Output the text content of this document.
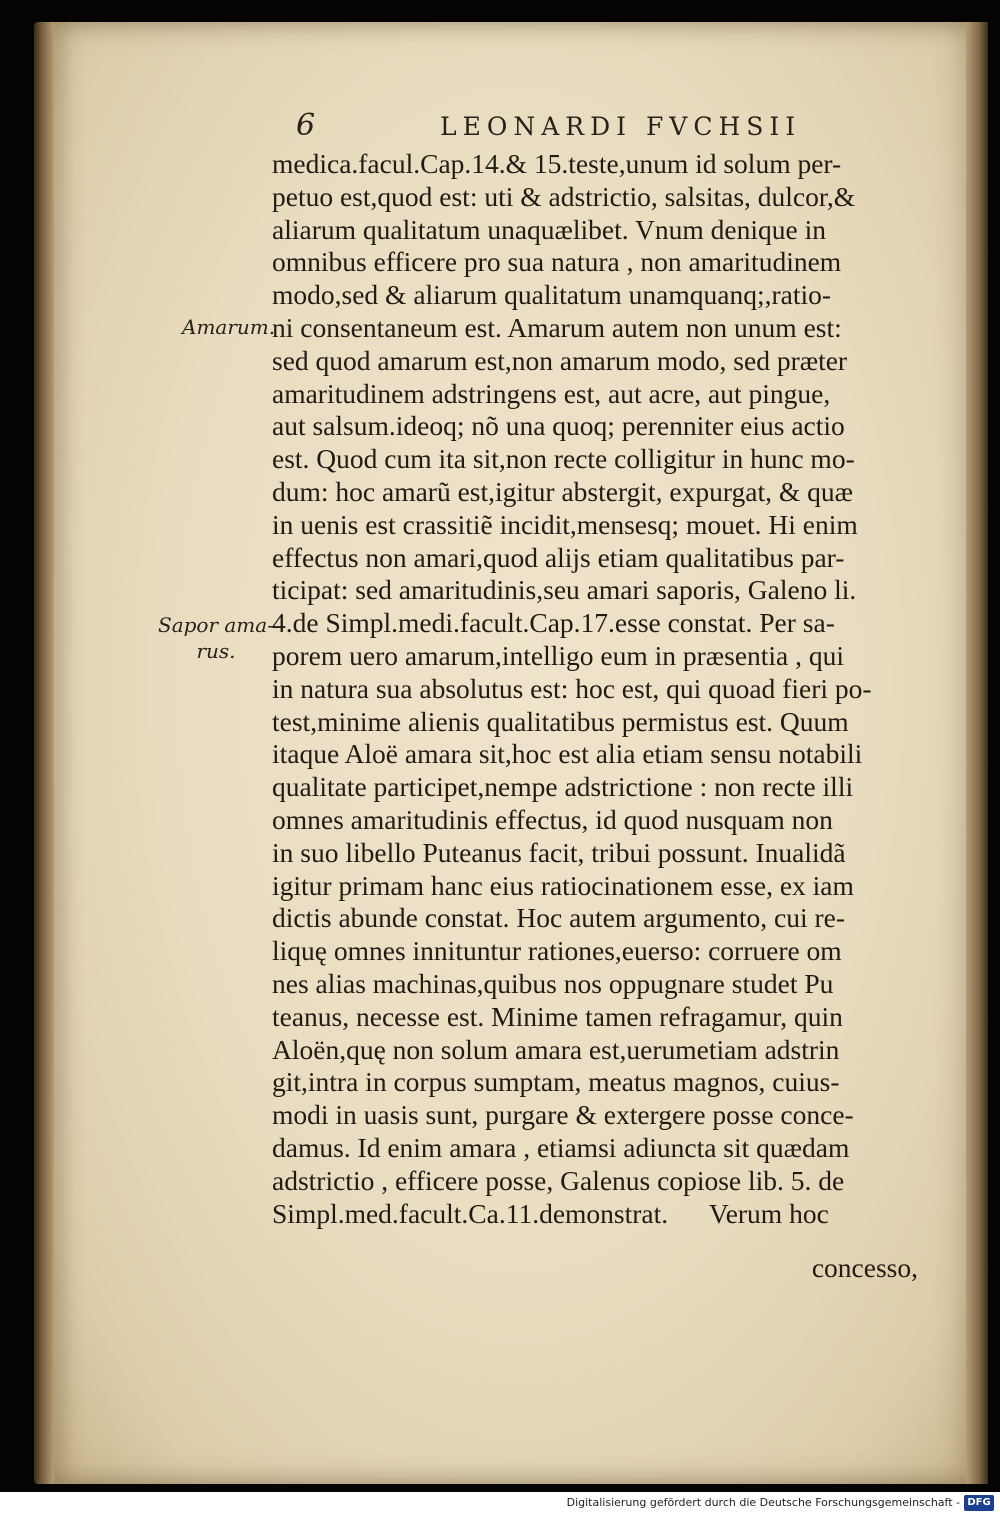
6	LEONARDI FVCHSII
Amarum.
Sapor ama-
rus.
medica.facul.Cap.14.& 15.teste,unum id solum per-
petuo est,quod est: uti & adstrictio, salsitas, dulcor,&
aliarum qualitatum unaquælibet. Vnum denique in
omnibus efficere pro sua natura , non amaritudinem
modo,sed & aliarum qualitatum unamquanq;,ratio-
ni consentaneum est. Amarum autem non unum est:
sed quod amarum est,non amarum modo, sed præter
amaritudinem adstringens est, aut acre, aut pingue,
aut salsum.ideoq; nõ una quoq; perenniter eius actio
est. Quod cum ita sit,non recte colligitur in hunc mo-
dum: hoc amarũ est,igitur abstergit, expurgat, & quæ
in uenis est crassitiẽ incidit,mensesq; mouet. Hi enim
effectus non amari,quod alijs etiam qualitatibus par-
ticipat: sed amaritudinis,seu amari saporis, Galeno li.
4.de Simpl.medi.facult.Cap.17.esse constat. Per sa-
porem uero amarum,intelligo eum in præsentia , qui
in natura sua absolutus est: hoc est, qui quoad fieri po-
test,minime alienis qualitatibus permistus est. Quum
itaque Aloë amara sit,hoc est alia etiam sensu notabili
qualitate participet,nempe adstrictione : non recte illi
omnes amaritudinis effectus, id quod nusquam non
in suo libello Puteanus facit, tribui possunt. Inualidã
igitur primam hanc eius ratiocinationem esse, ex iam
dictis abunde constat. Hoc autem argumento, cui re-
liquę omnes innituntur rationes,euerso: corruere om
nes alias machinas,quibus nos oppugnare studet Pu
teanus, necesse est. Minime tamen refragamur, quin
Aloën,quę non solum amara est,uerumetiam adstrin
git,intra in corpus sumptam, meatus magnos, cuius-
modi in uasis sunt, purgare & extergere posse conce-
damus. Id enim amara , etiamsi adiuncta sit quædam
adstrictio , efficere posse, Galenus copiose lib. 5. de
Simpl.med.facult.Ca.11.demonstrat.      Verum hoc
concesso,
Digitalisierung gefördert durch die Deutsche Forschungsgemeinschaft - DFG
